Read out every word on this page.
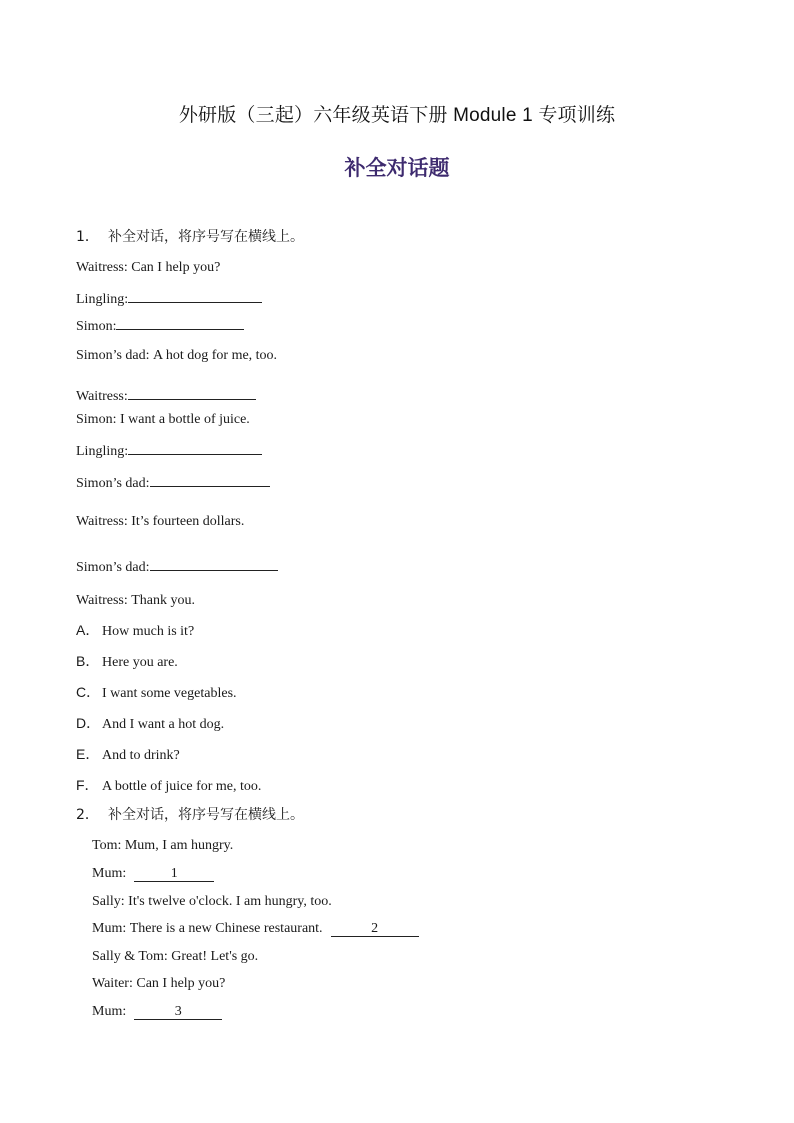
外研版（三起）六年级英语下册 Module 1 专项训练
补全对话题
1． 补全对话，将序号写在横线上。
Waitress: Can I help you?
Lingling:
Simon:
Simon’s dad: A hot dog for me, too.
Waitress:
Simon: I want a bottle of juice.
Lingling:
Simon’s dad:
Waitress: It’s fourteen dollars.
Simon’s dad:
Waitress: Thank you.
A． How much is it?
B． Here you are.
C． I want some vegetables.
D． And I want a hot dog.
E． And to drink?
F． A bottle of juice for me, too.
2． 补全对话，将序号写在横线上。
Tom: Mum, I am hungry.
Mum:	1
Sally: It's twelve o'clock. I am hungry, too.
Mum: There is a new Chinese restaurant.	2
Sally & Tom: Great! Let's go.
Waiter: Can I help you?
Mum:	3
